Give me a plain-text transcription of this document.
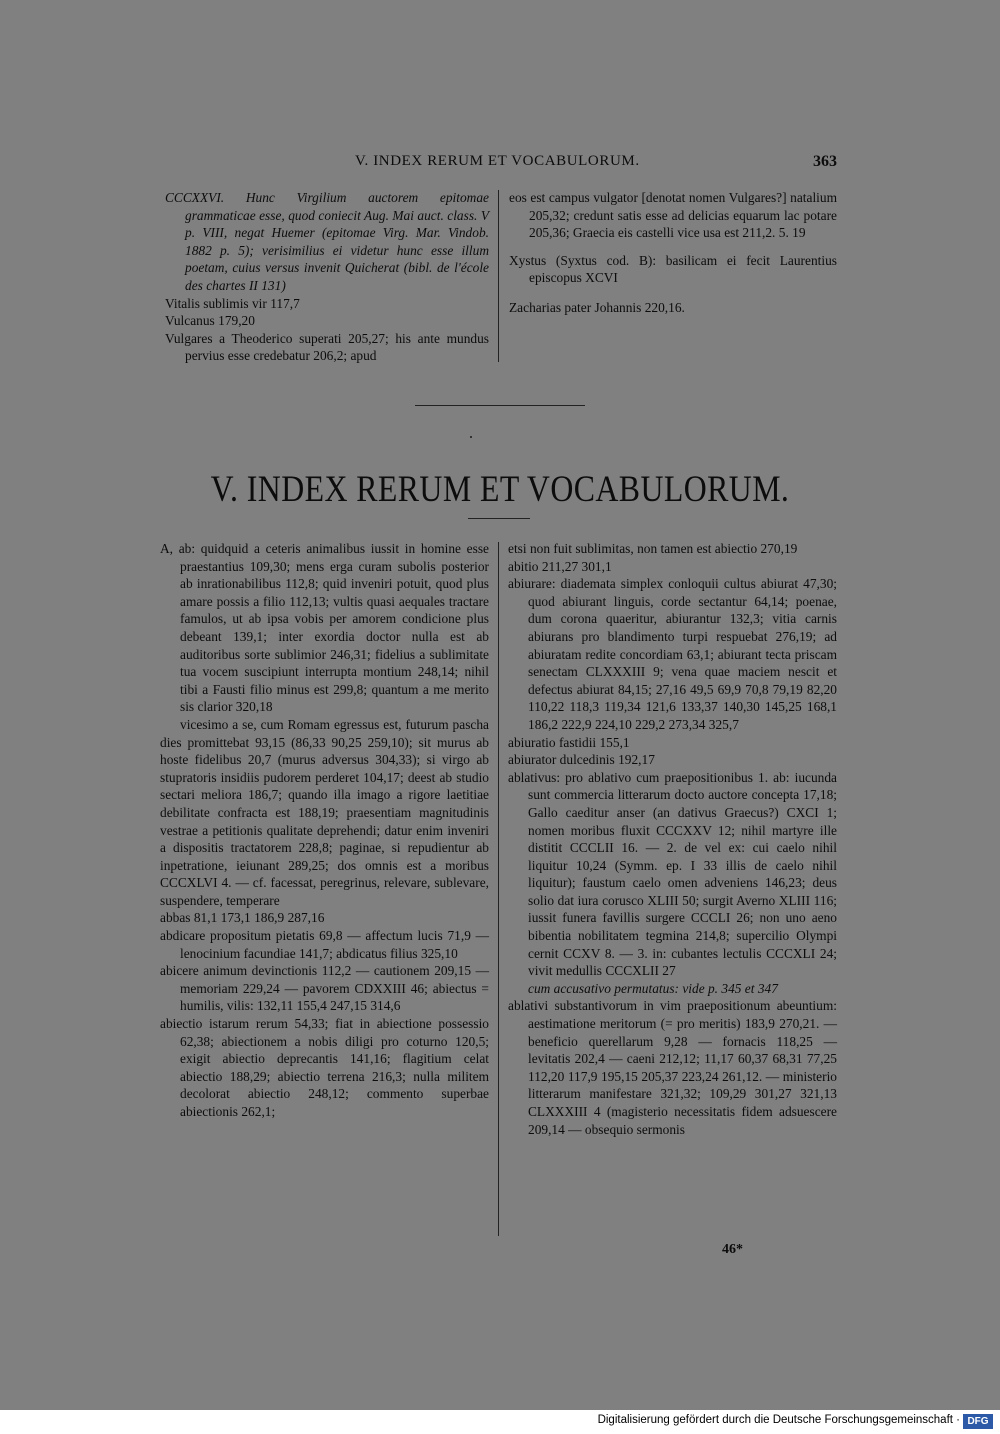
V. INDEX RERUM ET VOCABULORUM.	363

CCCXXVI. Hunc Virgilium auctorem epitomae grammaticae esse, quod coniecit Aug. Mai auct. class. V p. VIII, negat Huemer (epitomae Virg. Mar. Vindob. 1882 p. 5); verisimilius ei videtur hunc esse illum poetam, cuius versus invenit Quicherat (bibl. de l'école des chartes II 131)

Vitalis sublimis vir 117,7

Vulcanus 179,20

Vulgares a Theoderico superati 205,27; his ante mundus pervius esse credebatur 206,2; apud

eos est campus vulgator [denotat nomen Vulgares?] natalium 205,32; credunt satis esse ad delicias equarum lac potare 205,36; Graecia eis castelli vice usa est 211,2. 5. 19

Xystus (Syxtus cod. B): basilicam ei fecit Laurentius episcopus XCVI

Zacharias pater Johannis 220,16.

V. INDEX RERUM ET VOCABULORUM.

A, ab: quidquid a ceteris animalibus iussit in homine esse praestantius 109,30; mens erga curam subolis posterior ab inrationabilibus 112,8; quid inveniri potuit, quod plus amare possis a filio 112,13; vultis quasi aequales tractare famulos, ut ab ipsa vobis per amorem condicione plus debeant 139,1; inter exordia doctor nulla est ab auditoribus sorte sublimior 246,31; fidelius a sublimitate tua vocem suscipiunt interrupta montium 248,14; nihil tibi a Fausti filio minus est 299,8; quantum a me merito sis clarior 320,18

vicesimo a se, cum Romam egressus est, futurum pascha dies promittebat 93,15 (86,33 90,25 259,10); sit murus ab hoste fidelibus 20,7 (murus adversus 304,33); si virgo ab stupratoris insidiis pudorem perderet 104,17; deest ab studio sectari meliora 186,7; quando illa imago a rigore laetitiae debilitate confracta est 188,19; praesentiam magnitudinis vestrae a petitionis qualitate deprehendi; datur enim inveniri a dispositis tractatorem 228,8; paginae, si repudientur ab inpetratione, ieiunant 289,25; dos omnis est a moribus CCCXLVI 4. — cf. facessat, peregrinus, relevare, sublevare, suspendere, temperare

abbas 81,1 173,1 186,9 287,16

abdicare propositum pietatis 69,8 — affectum lucis 71,9 — lenocinium facundiae 141,7; abdicatus filius 325,10

abicere animum devinctionis 112,2 — cautionem 209,15 — memoriam 229,24 — pavorem CDXXIII 46; abiectus = humilis, vilis: 132,11 155,4 247,15 314,6

abiectio istarum rerum 54,33; fiat in abiectione possessio 62,38; abiectionem a nobis diligi pro coturno 120,5; exigit abiectio deprecantis 141,16; flagitium celat abiectio 188,29; abiectio terrena 216,3; nulla militem decolorat abiectio 248,12; commento superbae abiectionis 262,1;

etsi non fuit sublimitas, non tamen est abiectio 270,19

abitio 211,27 301,1

abiurare: diademata simplex conloquii cultus abiurat 47,30; quod abiurant linguis, corde sectantur 64,14; poenae, dum corona quaeritur, abiurantur 132,3; vitia carnis abiurans pro blandimento turpi respuebat 276,19; ad abiuratam redite concordiam 63,1; abiurant tecta priscam senectam CLXXXIII 9; vena quae maciem nescit et defectus abiurat 84,15; 27,16 49,5 69,9 70,8 79,19 82,20 110,22 118,3 119,34 121,6 133,37 140,30 145,25 168,1 186,2 222,9 224,10 229,2 273,34 325,7

abiuratio fastidii 155,1

abiurator dulcedinis 192,17

ablativus: pro ablativo cum praepositionibus 1. ab: iucunda sunt commercia litterarum docto auctore concepta 17,18; Gallo caeditur anser (an dativus Graecus?) CXCI 1; nomen moribus fluxit CCCXXV 12; nihil martyre ille distitit CCCLII 16. — 2. de vel ex: cui caelo nihil liquitur 10,24 (Symm. ep. I 33 illis de caelo nihil liquitur); faustum caelo omen adveniens 146,23; deus solio dat iura corusco XLIII 50; surgit Averno XLIII 116; iussit funera favillis surgere CCCLI 26; non uno aeno bibentia nobilitatem tegmina 214,8; supercilio Olympi cernit CCXV 8. — 3. in: cubantes lectulis CCCXLI 24; vivit medullis CCCXLII 27

cum accusativo permutatus: vide p. 345 et 347

ablativi substantivorum in vim praepositionum abeuntium: aestimatione meritorum (= pro meritis) 183,9 270,21. — beneficio querellarum 9,28 — fornacis 118,25 — levitatis 202,4 — caeni 212,12; 11,17 60,37 68,31 77,25 112,20 117,9 195,15 205,37 223,24 261,12. — ministerio litterarum manifestare 321,32; 109,29 301,27 321,13 CLXXXIII 4 (magisterio necessitatis fidem adsuescere 209,14 — obsequio sermonis

46*
Digitalisierung gefördert durch die Deutsche Forschungsgemeinschaft · DFG
